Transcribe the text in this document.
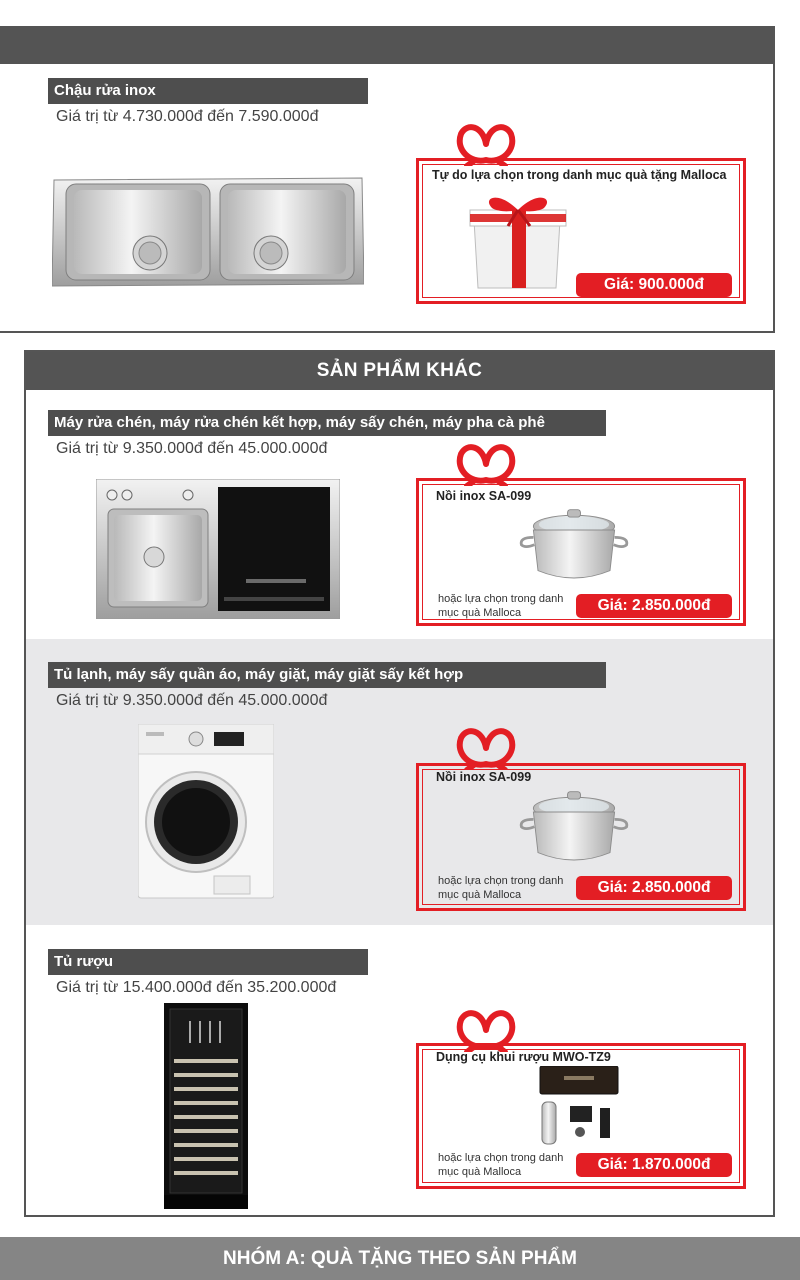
Chậu rửa inox
Giá trị từ 4.730.000đ đến 7.590.000đ
Tự do lựa chọn trong danh mục quà tặng Malloca
Giá: 900.000đ
SẢN PHẨM KHÁC
Máy rửa chén, máy rửa chén kết hợp, máy sấy chén, máy pha cà phê
Giá trị từ 9.350.000đ đến 45.000.000đ
Nồi inox SA-099
hoặc lựa chọn trong danh mục quà Malloca	Giá: 2.850.000đ
Tủ lạnh, máy sấy quần áo, máy giặt, máy giặt sấy kết hợp
Giá trị từ 9.350.000đ đến 45.000.000đ
Nồi inox SA-099
hoặc lựa chọn trong danh mục quà Malloca	Giá: 2.850.000đ
Tủ rượu
Giá trị từ 15.400.000đ đến 35.200.000đ
Dụng cụ khui rượu MWO-TZ9
hoặc lựa chọn trong danh mục quà Malloca	Giá: 1.870.000đ
NHÓM A: QUÀ TẶNG THEO SẢN PHẨM
